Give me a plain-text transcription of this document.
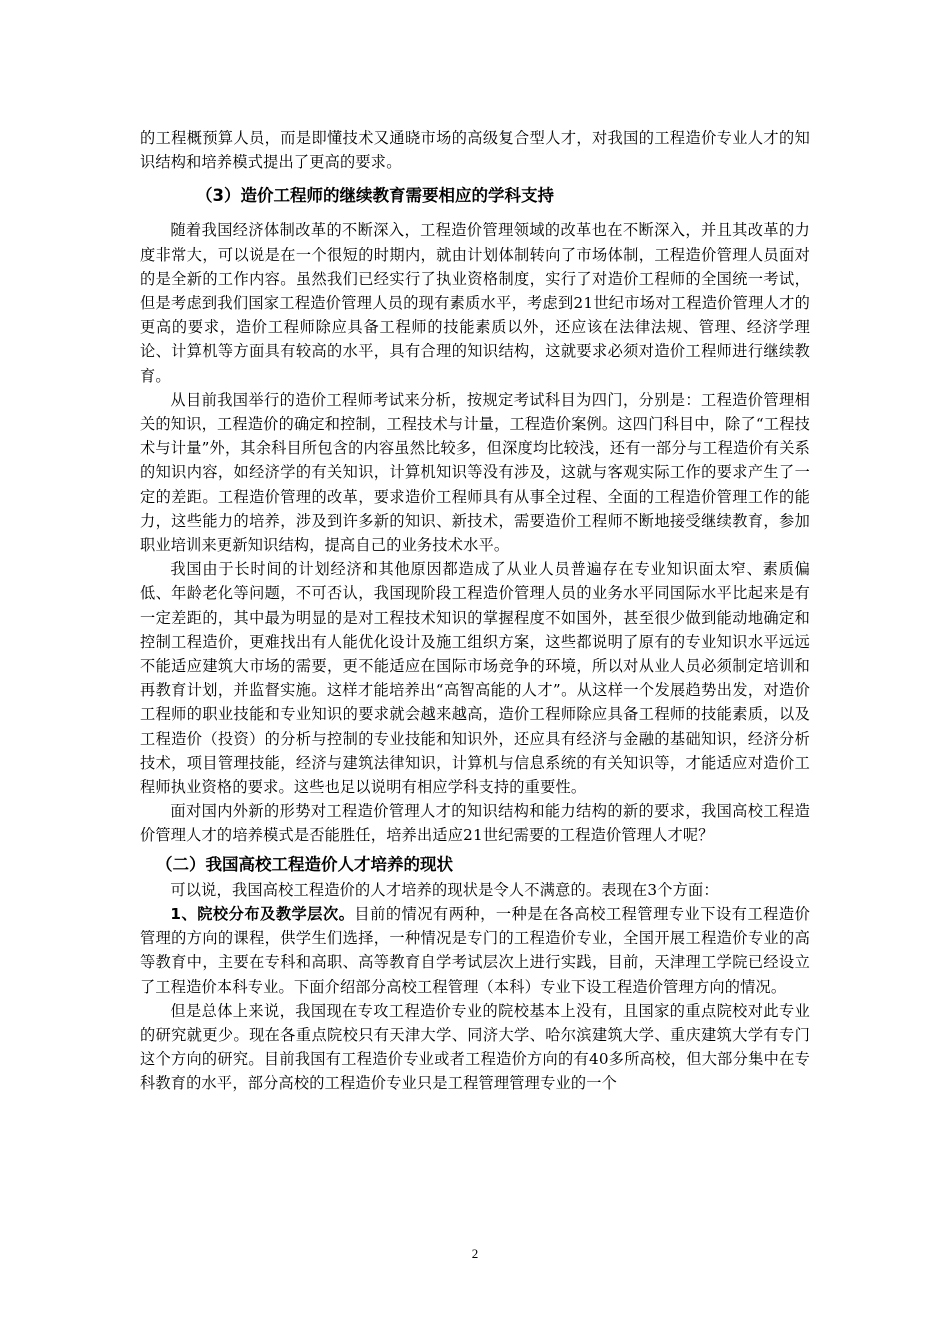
的工程概预算人员，而是即懂技术又通晓市场的高级复合型人才，对我国的工程造价专业人才的知识结构和培养模式提出了更高的要求。

（3）造价工程师的继续教育需要相应的学科支持

随着我国经济体制改革的不断深入，工程造价管理领域的改革也在不断深入，并且其改革的力度非常大，可以说是在一个很短的时期内，就由计划体制转向了市场体制，工程造价管理人员面对的是全新的工作内容。虽然我们已经实行了执业资格制度，实行了对造价工程师的全国统一考试，但是考虑到我们国家工程造价管理人员的现有素质水平，考虑到21世纪市场对工程造价管理人才的更高的要求，造价工程师除应具备工程师的技能素质以外，还应该在法律法规、管理、经济学理论、计算机等方面具有较高的水平，具有合理的知识结构，这就要求必须对造价工程师进行继续教育。

从目前我国举行的造价工程师考试来分析，按规定考试科目为四门，分别是：工程造价管理相关的知识，工程造价的确定和控制，工程技术与计量，工程造价案例。这四门科目中，除了“工程技术与计量”外，其余科目所包含的内容虽然比较多，但深度均比较浅，还有一部分与工程造价有关系的知识内容，如经济学的有关知识，计算机知识等没有涉及，这就与客观实际工作的要求产生了一定的差距。工程造价管理的改革，要求造价工程师具有从事全过程、全面的工程造价管理工作的能力，这些能力的培养，涉及到许多新的知识、新技术，需要造价工程师不断地接受继续教育，参加职业培训来更新知识结构，提高自己的业务技术水平。

我国由于长时间的计划经济和其他原因都造成了从业人员普遍存在专业知识面太窄、素质偏低、年龄老化等问题，不可否认，我国现阶段工程造价管理人员的业务水平同国际水平比起来是有一定差距的，其中最为明显的是对工程技术知识的掌握程度不如国外，甚至很少做到能动地确定和控制工程造价，更难找出有人能优化设计及施工组织方案，这些都说明了原有的专业知识水平远远不能适应建筑大市场的需要，更不能适应在国际市场竞争的环境，所以对从业人员必须制定培训和再教育计划，并监督实施。这样才能培养出“高智高能的人才”。从这样一个发展趋势出发，对造价工程师的职业技能和专业知识的要求就会越来越高，造价工程师除应具备工程师的技能素质，以及工程造价（投资）的分析与控制的专业技能和知识外，还应具有经济与金融的基础知识，经济分析技术，项目管理技能，经济与建筑法律知识，计算机与信息系统的有关知识等，才能适应对造价工程师执业资格的要求。这些也足以说明有相应学科支持的重要性。

面对国内外新的形势对工程造价管理人才的知识结构和能力结构的新的要求，我国高校工程造价管理人才的培养模式是否能胜任，培养出适应21世纪需要的工程造价管理人才呢？

（二）我国高校工程造价人才培养的现状

可以说，我国高校工程造价的人才培养的现状是令人不满意的。表现在3个方面：

1、院校分布及教学层次。目前的情况有两种，一种是在各高校工程管理专业下设有工程造价管理的方向的课程，供学生们选择，一种情况是专门的工程造价专业，全国开展工程造价专业的高等教育中，主要在专科和高职、高等教育自学考试层次上进行实践，目前，天津理工学院已经设立了工程造价本科专业。下面介绍部分高校工程管理（本科）专业下设工程造价管理方向的情况。

但是总体上来说，我国现在专攻工程造价专业的院校基本上没有，且国家的重点院校对此专业的研究就更少。现在各重点院校只有天津大学、同济大学、哈尔滨建筑大学、重庆建筑大学有专门这个方向的研究。目前我国有工程造价专业或者工程造价方向的有40多所高校，但大部分集中在专科教育的水平，部分高校的工程造价专业只是工程管理管理专业的一个

2
